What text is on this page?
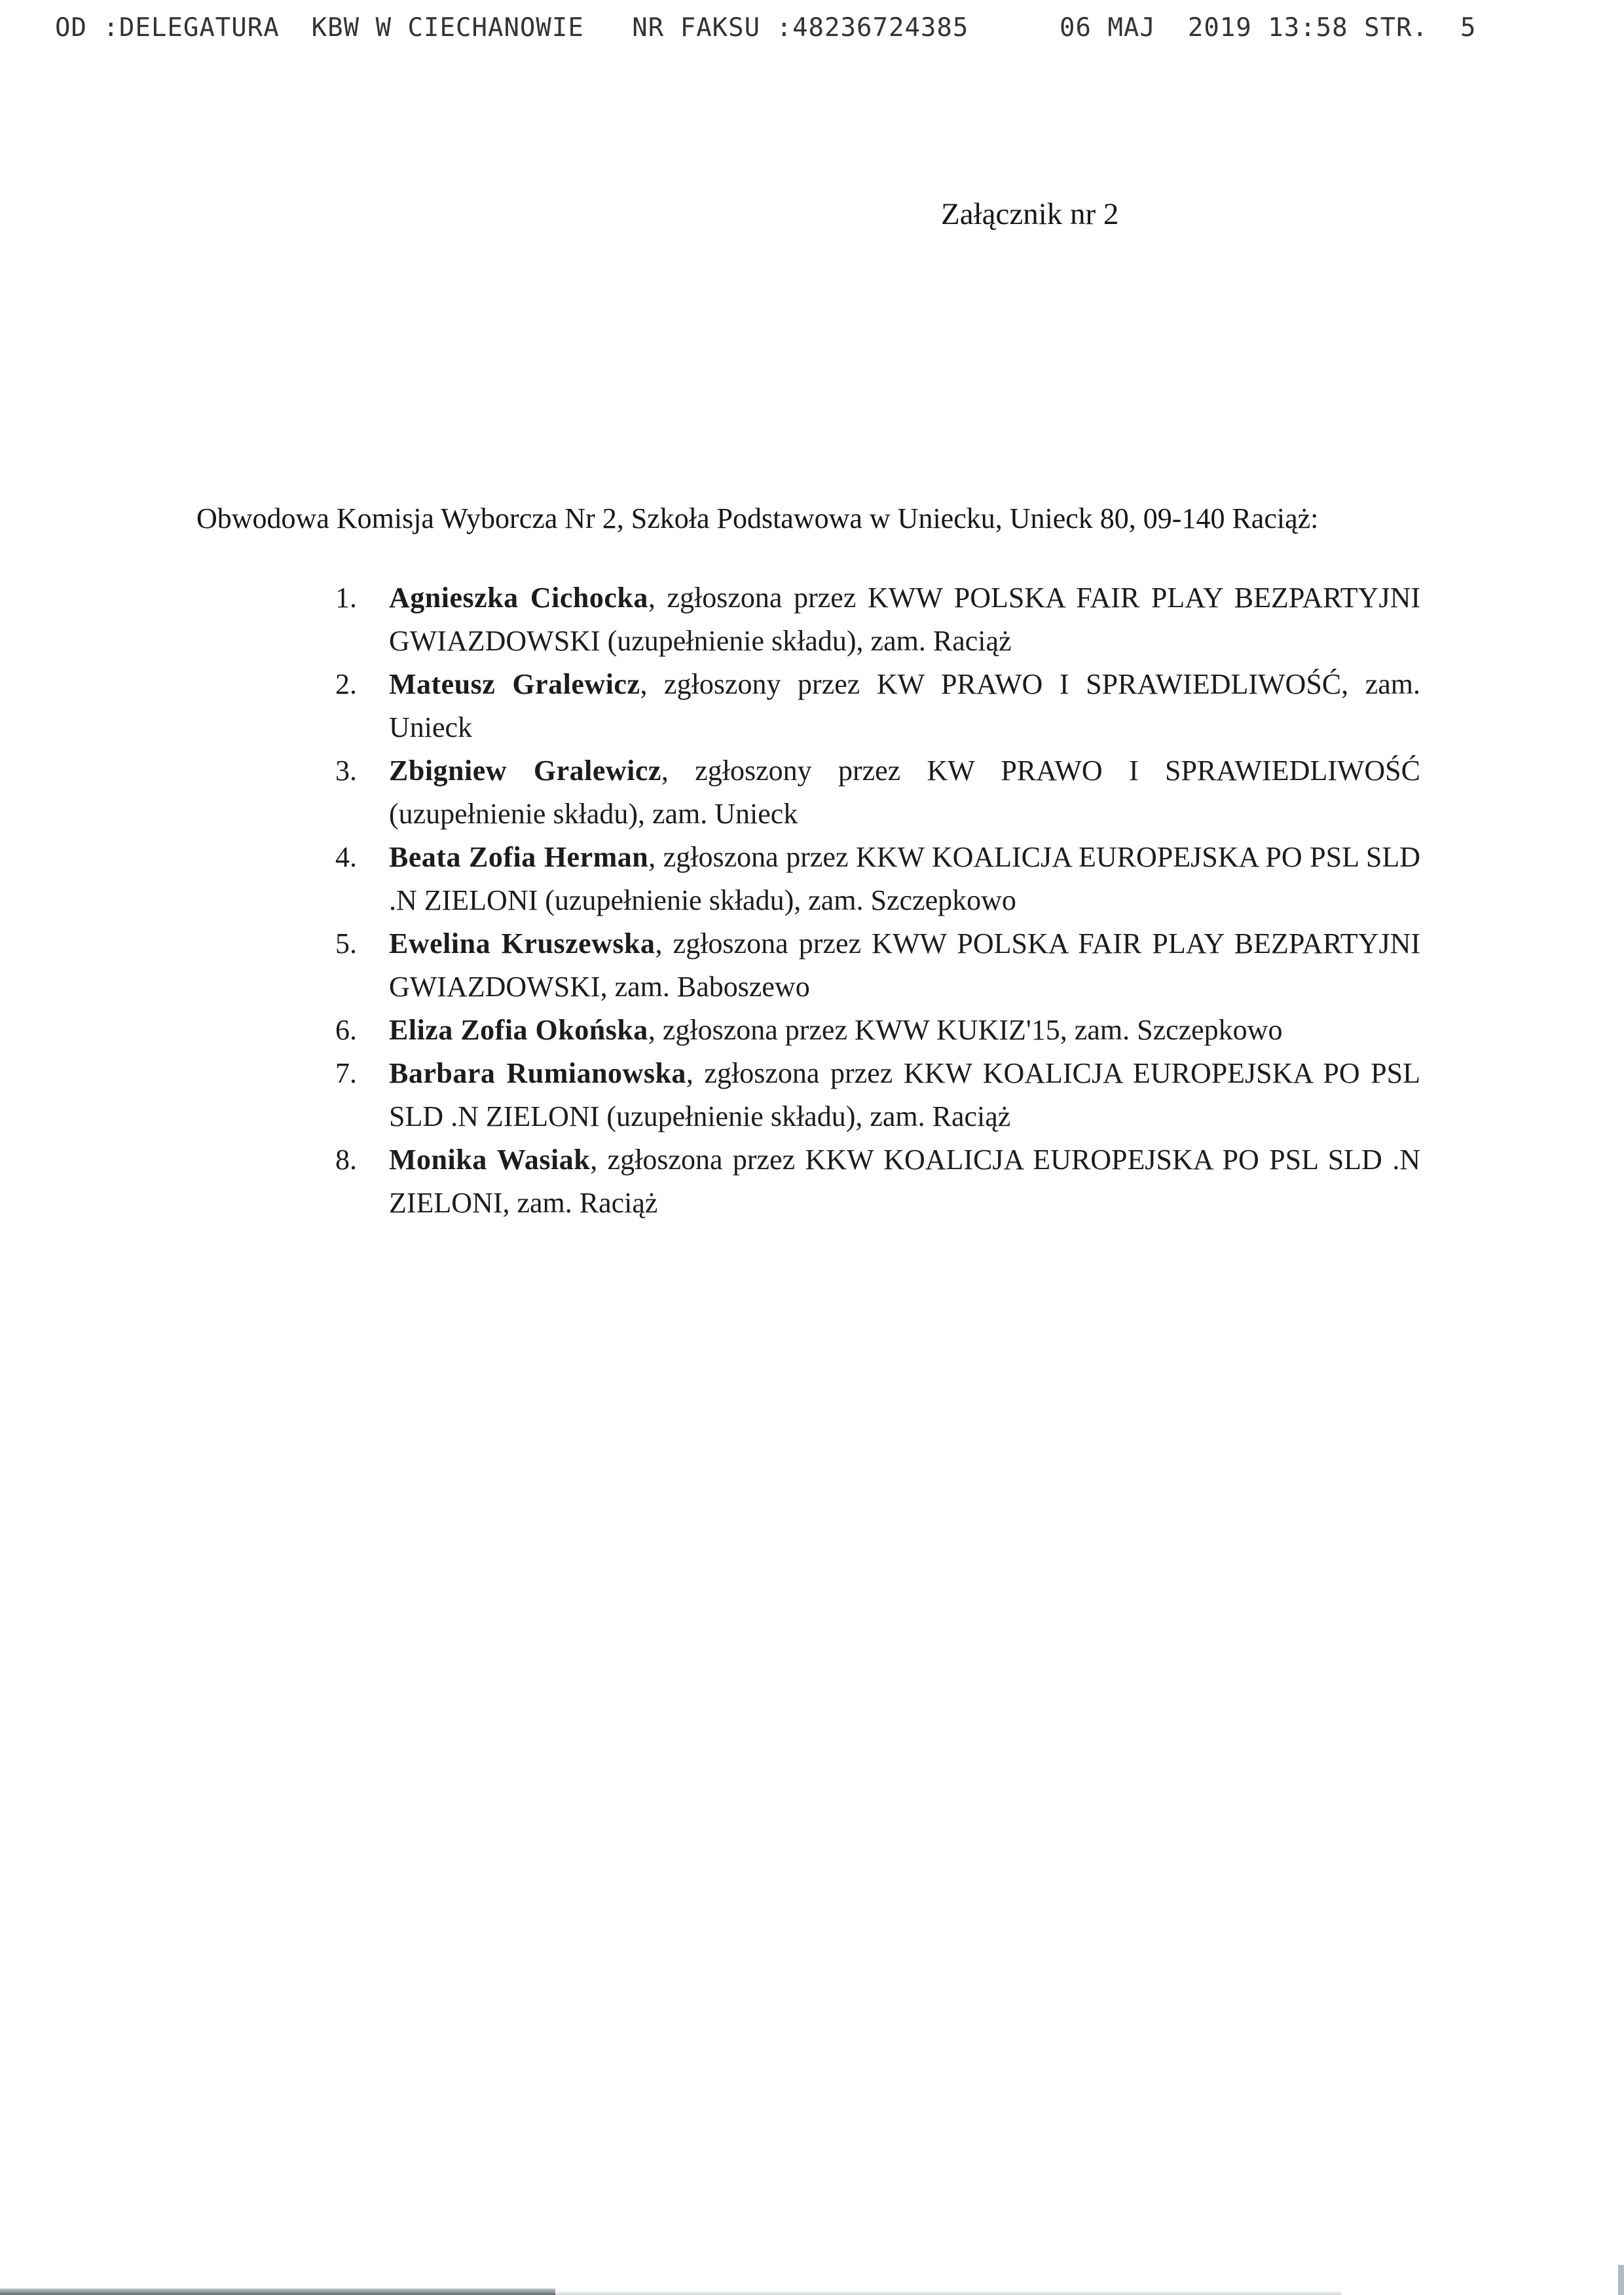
OD :DELEGATURA  KBW W CIECHANOWIE   NR FAKSU :48236724385

	06 MAJ  2019 13:58 STR.  5

Załącznik nr 2

Obwodowa Komisja Wyborcza Nr 2, Szkoła Podstawowa w Uniecku, Unieck 80, 09-140 Raciąż:

1.	Agnieszka Cichocka, zgłoszona przez KWW POLSKA FAIR PLAY BEZPARTYJNI GWIAZDOWSKI (uzupełnienie składu), zam. Raciąż

2.	Mateusz Gralewicz, zgłoszony przez KW PRAWO I SPRAWIEDLIWOŚĆ, zam. Unieck

3.	Zbigniew Gralewicz, zgłoszony przez KW PRAWO I SPRAWIEDLIWOŚĆ (uzupełnienie składu), zam. Unieck

4.	Beata Zofia Herman, zgłoszona przez KKW KOALICJA EUROPEJSKA PO PSL SLD .N ZIELONI (uzupełnienie składu), zam. Szczepkowo

5.	Ewelina Kruszewska, zgłoszona przez KWW POLSKA FAIR PLAY BEZPARTYJNI GWIAZDOWSKI, zam. Baboszewo

6.	Eliza Zofia Okońska, zgłoszona przez KWW KUKIZ'15, zam. Szczepkowo

7.	Barbara Rumianowska, zgłoszona przez KKW KOALICJA EUROPEJSKA PO PSL SLD .N ZIELONI (uzupełnienie składu), zam. Raciąż

8.	Monika Wasiak, zgłoszona przez KKW KOALICJA EUROPEJSKA PO PSL SLD .N ZIELONI, zam. Raciąż
